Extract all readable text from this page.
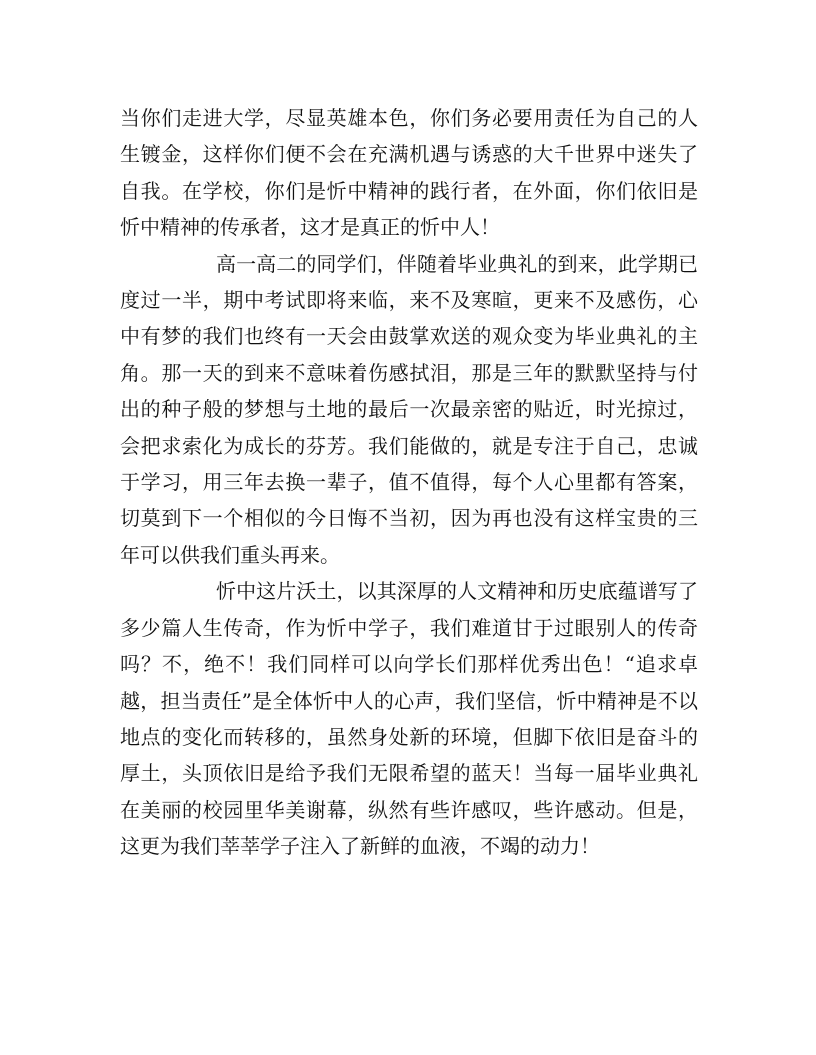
当你们走进大学，尽显英雄本色，你们务必要用责任为自己的人生镀金，这样你们便不会在充满机遇与诱惑的大千世界中迷失了自我。在学校，你们是忻中精神的践行者，在外面，你们依旧是忻中精神的传承者，这才是真正的忻中人！

高一高二的同学们，伴随着毕业典礼的到来，此学期已度过一半，期中考试即将来临，来不及寒暄，更来不及感伤，心中有梦的我们也终有一天会由鼓掌欢送的观众变为毕业典礼的主角。那一天的到来不意味着伤感拭泪，那是三年的默默坚持与付出的种子般的梦想与土地的最后一次最亲密的贴近，时光掠过，会把求索化为成长的芬芳。我们能做的，就是专注于自己，忠诚于学习，用三年去换一辈子，值不值得，每个人心里都有答案，切莫到下一个相似的今日悔不当初，因为再也没有这样宝贵的三年可以供我们重头再来。

忻中这片沃土，以其深厚的人文精神和历史底蕴谱写了多少篇人生传奇，作为忻中学子，我们难道甘于过眼别人的传奇吗？不，绝不！我们同样可以向学长们那样优秀出色！“追求卓越，担当责任”是全体忻中人的心声，我们坚信，忻中精神是不以地点的变化而转移的，虽然身处新的环境，但脚下依旧是奋斗的厚土，头顶依旧是给予我们无限希望的蓝天！当每一届毕业典礼在美丽的校园里华美谢幕，纵然有些许感叹，些许感动。但是，这更为我们莘莘学子注入了新鲜的血液，不竭的动力！
